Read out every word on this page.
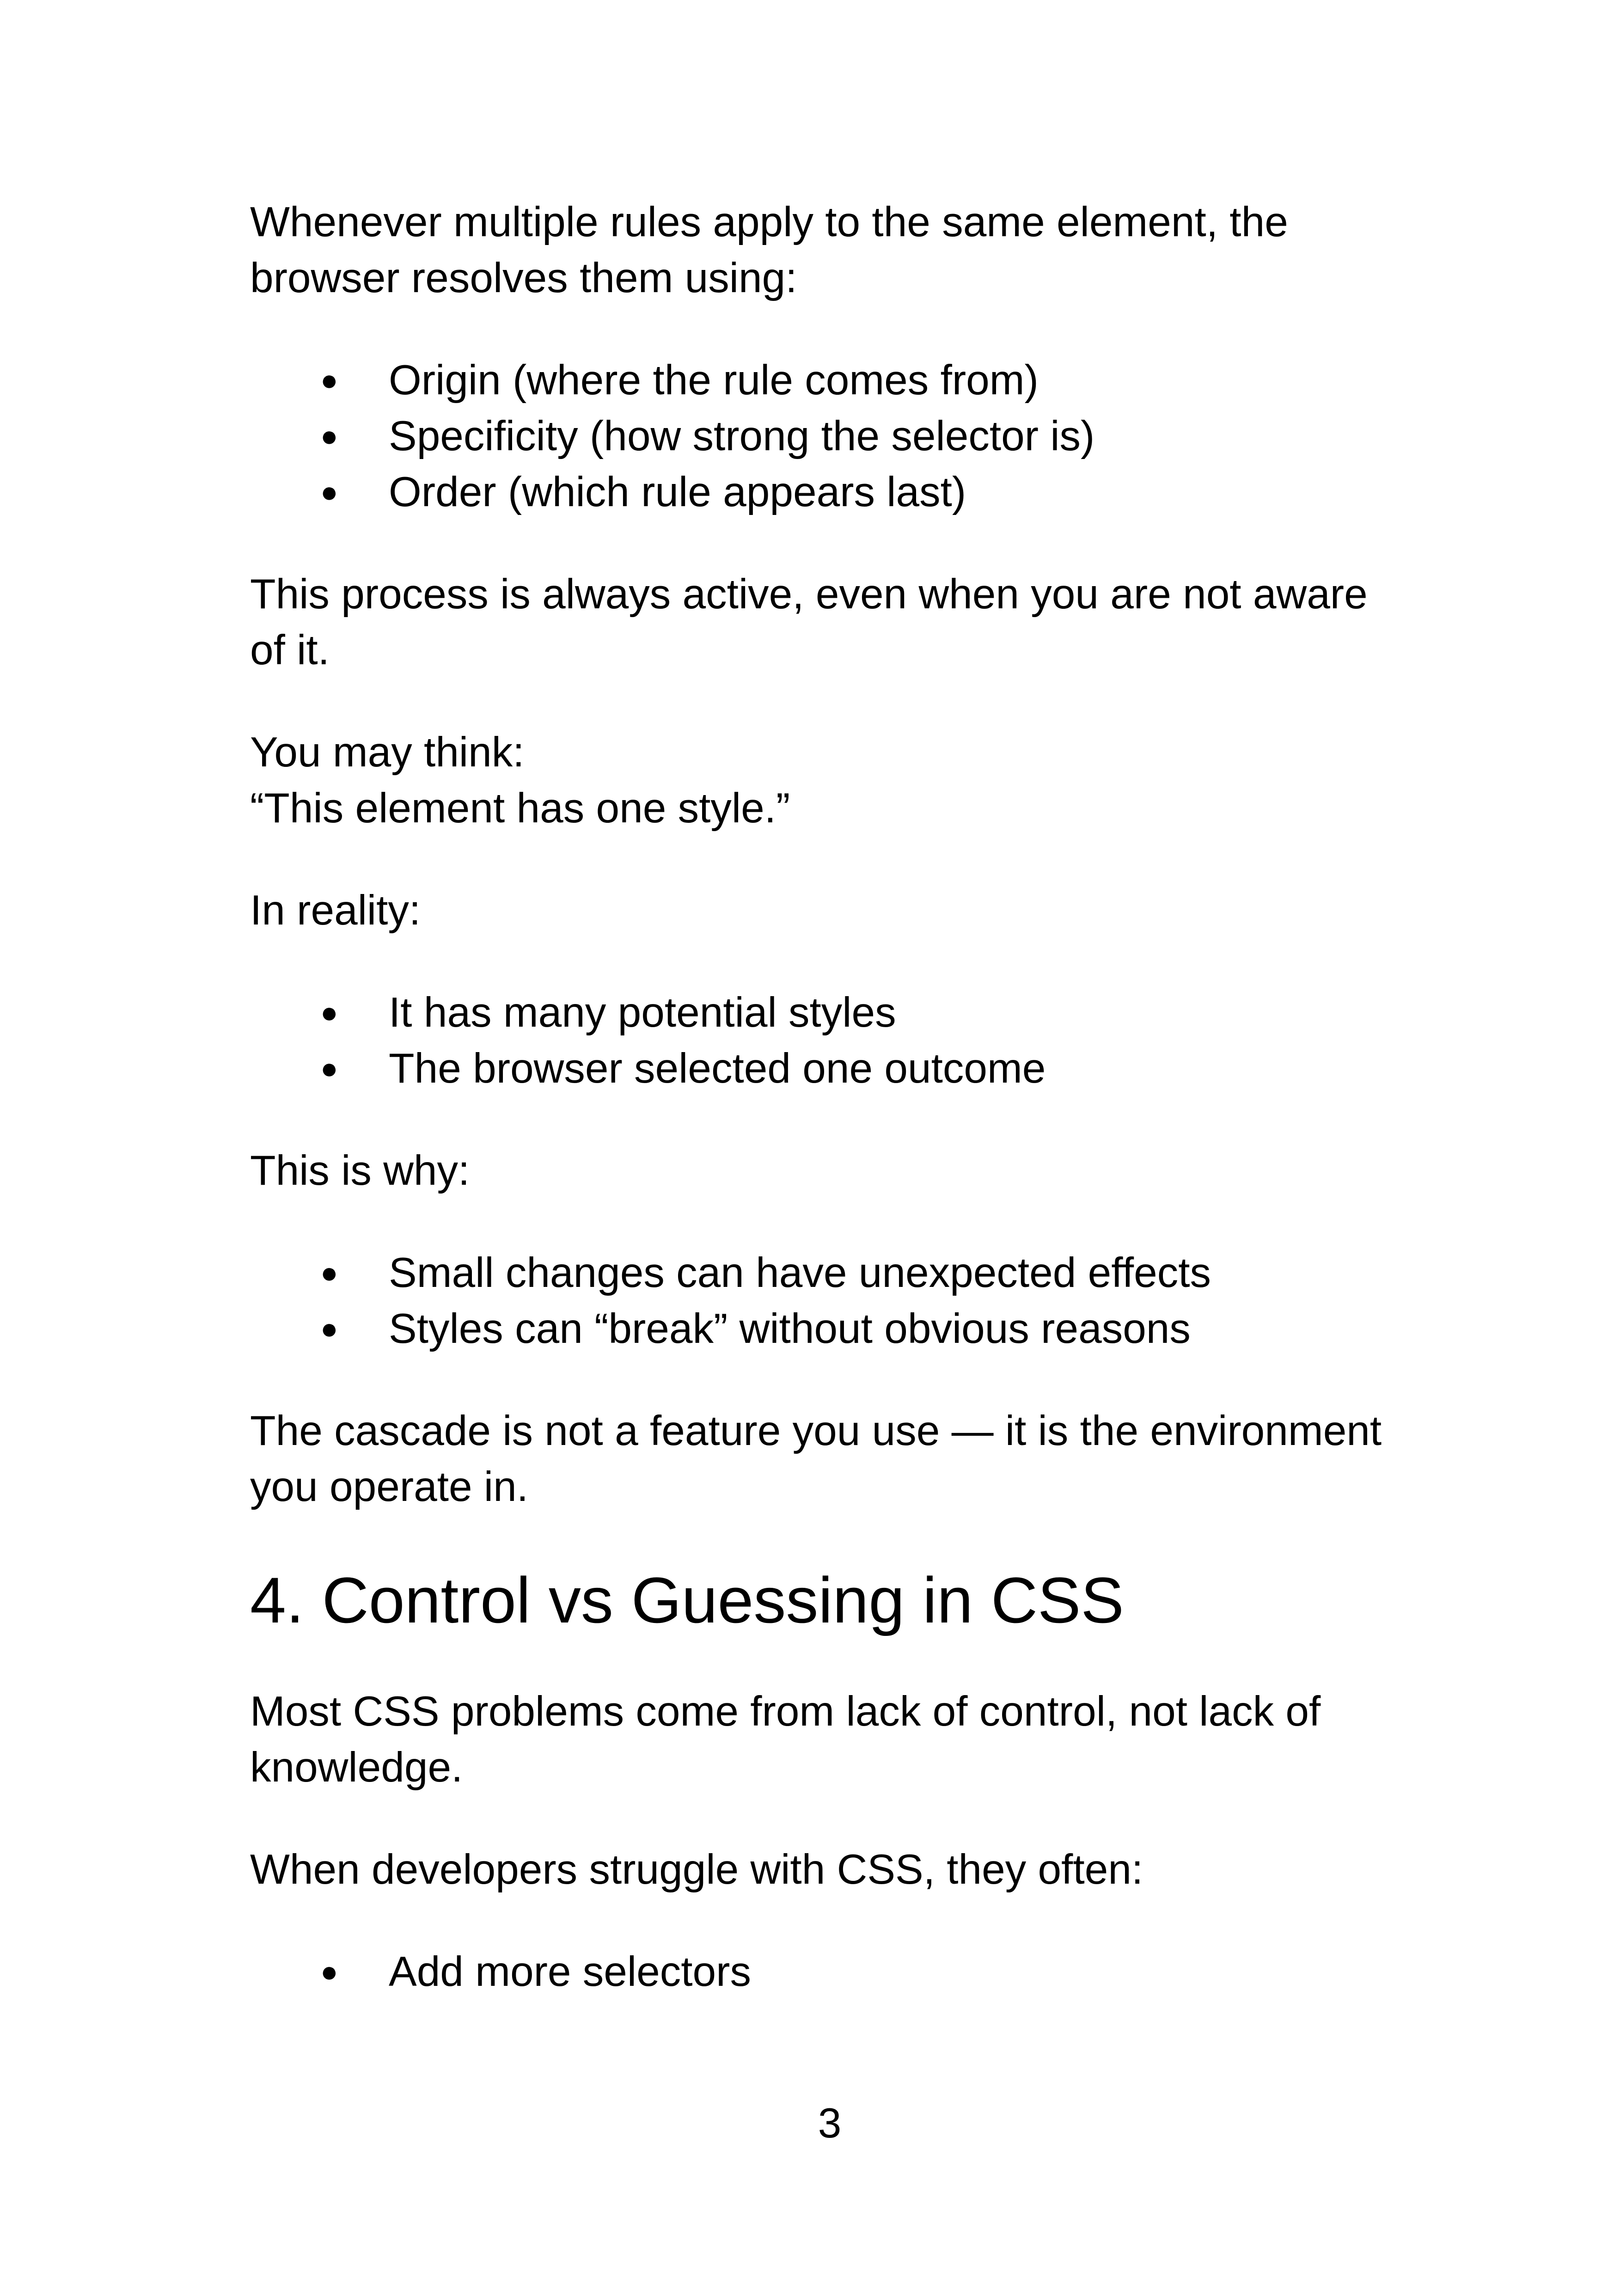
Whenever multiple rules apply to the same element, the
browser resolves them using:

● Origin (where the rule comes from)
● Specificity (how strong the selector is)
● Order (which rule appears last)

This process is always active, even when you are not aware
of it.

You may think:
“This element has one style.”

In reality:

● It has many potential styles
● The browser selected one outcome

This is why:

● Small changes can have unexpected effects
● Styles can “break” without obvious reasons

The cascade is not a feature you use — it is the environment
you operate in.

4. Control vs Guessing in CSS

Most CSS problems come from lack of control, not lack of
knowledge.

When developers struggle with CSS, they often:

● Add more selectors
3
